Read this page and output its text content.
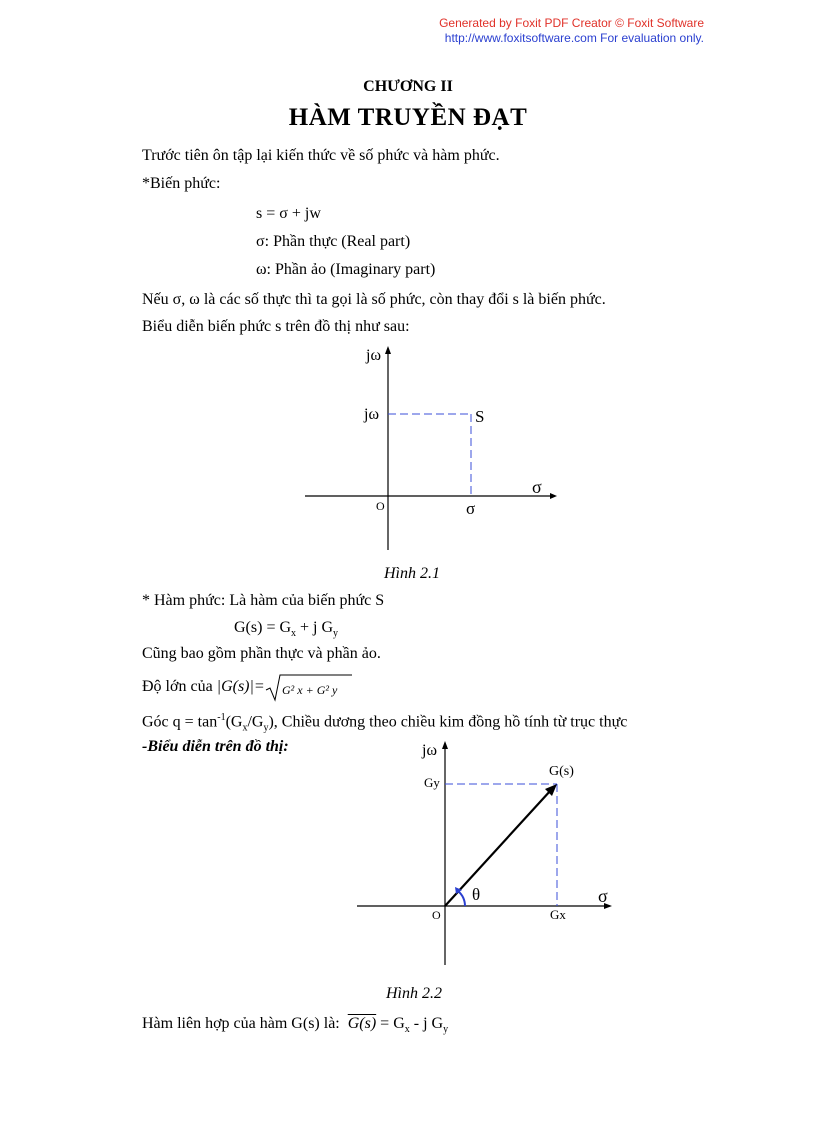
Generated by Foxit PDF Creator © Foxit Software
http://www.foxitsoftware.com For evaluation only.
CHƯƠNG II
HÀM TRUYỀN ĐẠT
Trước tiên ôn tập lại kiến thức về số phức và hàm phức.
*Biến phức:
s = σ + jw
σ: Phần thực (Real part)
ω: Phần ảo (Imaginary part)
Nếu σ, ω là các số thực thì ta gọi là số phức, còn thay đổi s là biến phức.
Biểu diễn biến phức s trên đồ thị như sau:
jω
jω	S
O
σ
σ
Hình 2.1
* Hàm phức: Là hàm của biến phức S
$G(s) = G_x + j$ $G_y$
Cũng bao gồm phần thực và phần ảo.
Độ lớn của |G(s)|= G² x + G² y
Góc $q = \tan^{-1}(G_x/G_y)$, Chiều dương theo chiều kim đồng hồ tính từ trục thực
-Biểu diễn trên đồ thị:	jω
Gy
G(s)
θ
O
σ
Gx
Hình 2.2
Hàm liên hợp của hàm G(s) là: $G(s) = G_x - j$ $G_y$
